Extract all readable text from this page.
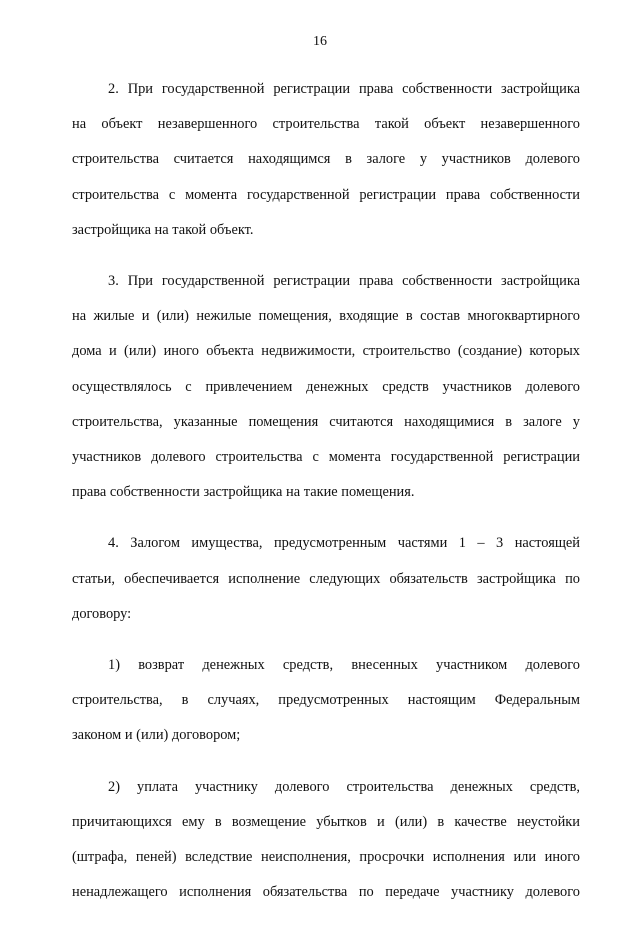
16

2. При государственной регистрации права собственности застройщика
на объект незавершенного строительства такой объект незавершенного
строительства считается находящимся в залоге у участников долевого
строительства с момента государственной регистрации права собственности
застройщика на такой объект.

3. При государственной регистрации права собственности застройщика
на жилые и (или) нежилые помещения, входящие в состав многоквартирного
дома и (или) иного объекта недвижимости, строительство (создание) которых
осуществлялось с привлечением денежных средств участников долевого
строительства, указанные помещения считаются находящимися в залоге у
участников долевого строительства с момента государственной регистрации
права собственности застройщика на такие помещения.

4. Залогом имущества, предусмотренным частями 1 – 3 настоящей
статьи, обеспечивается исполнение следующих обязательств застройщика по
договору:

1) возврат денежных средств, внесенных участником долевого
строительства, в случаях, предусмотренных настоящим Федеральным
законом и (или) договором;

2) уплата участнику долевого строительства денежных средств,
причитающихся ему в возмещение убытков и (или) в качестве неустойки
(штрафа, пеней) вследствие неисполнения, просрочки исполнения или иного
ненадлежащего исполнения обязательства по передаче участнику долевого
